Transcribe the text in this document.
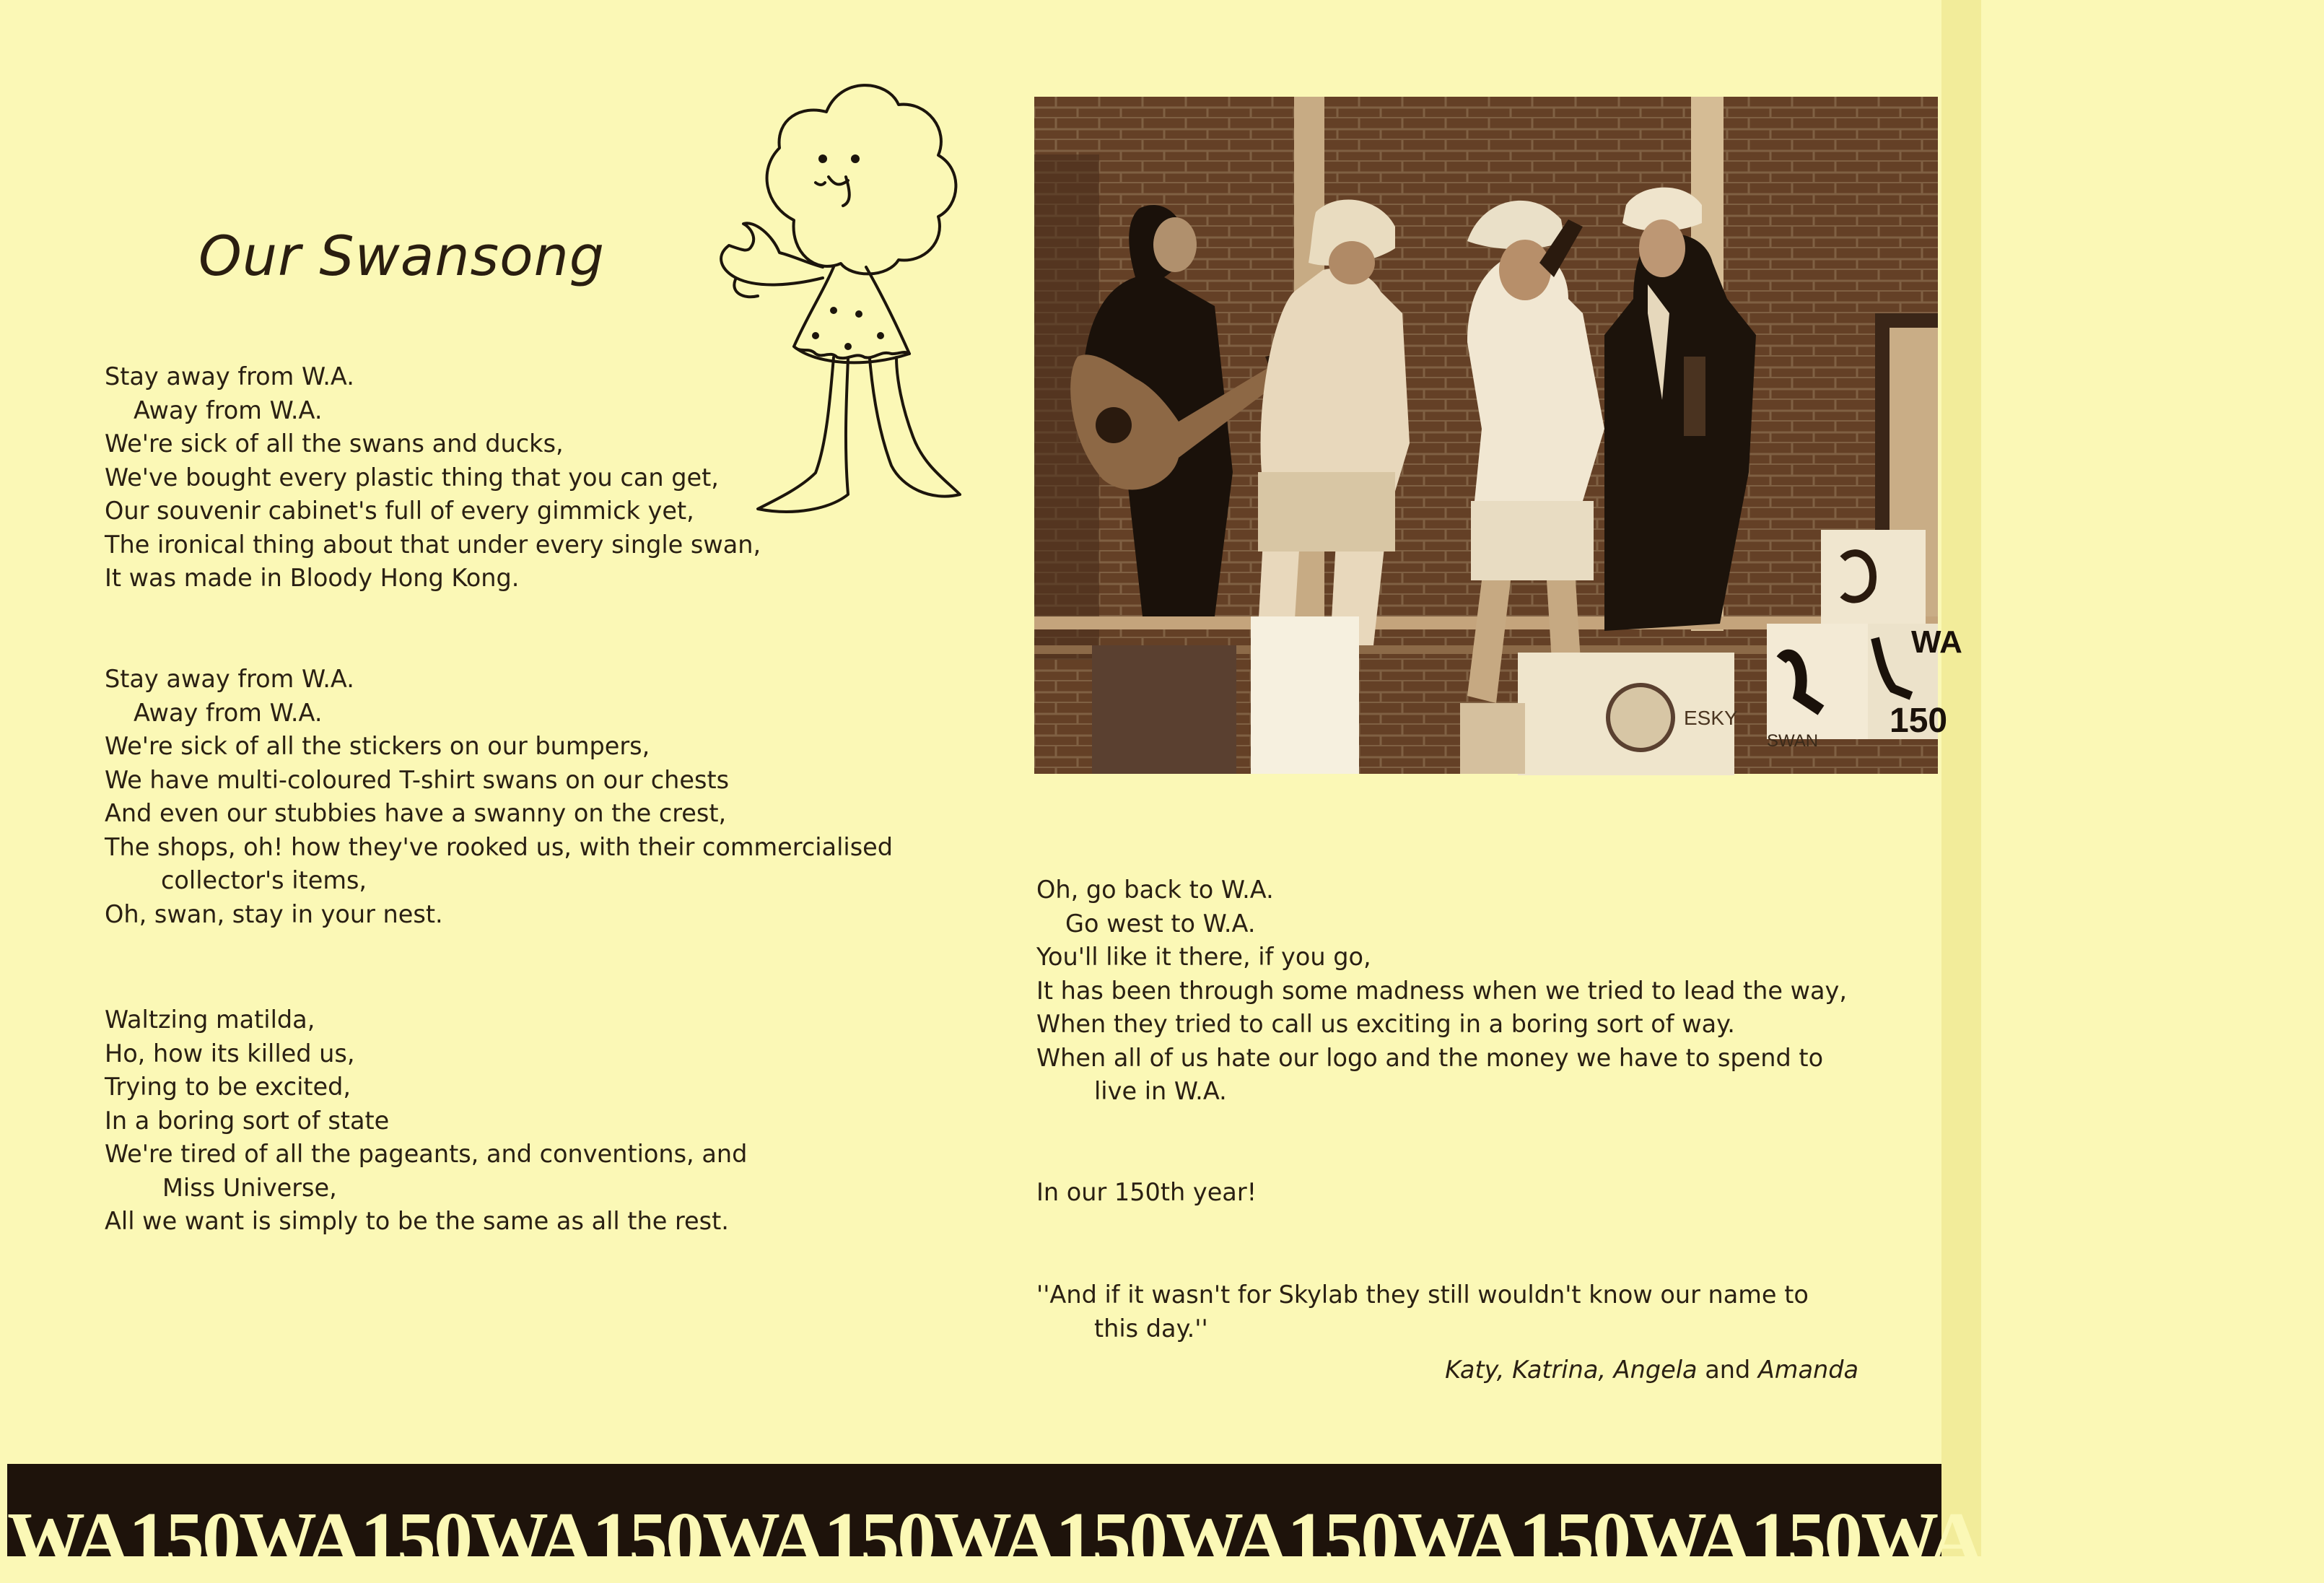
Our Swansong
Stay away from W.A.
Away from W.A.
We're sick of all the swans and ducks,
We've bought every plastic thing that you can get,
Our souvenir cabinet's full of every gimmick yet,
The ironical thing about that under every single swan,
It was made in Bloody Hong Kong.
Stay away from W.A.
Away from W.A.
We're sick of all the stickers on our bumpers,
We have multi-coloured T-shirt swans on our chests
And even our stubbies have a swanny on the crest,
The shops, oh! how they've rooked us, with their commercialised
collector's items,
Oh, swan, stay in your nest.
Waltzing matilda,
Ho, how its killed us,
Trying to be excited,
In a boring sort of state
We're tired of all the pageants, and conventions, and
Miss Universe,
All we want is simply to be the same as all the rest.
150
WA
SWAN
ESKY
Oh, go back to W.A.
Go west to W.A.
You'll like it there, if you go,
It has been through some madness when we tried to lead the way,
When they tried to call us exciting in a boring sort of way.
When all of us hate our logo and the money we have to spend to
live in W.A.
In our 150th year!
''And if it wasn't for Skylab they still wouldn't know our name to
this day.''
Katy, Katrina, Angela and Amanda
WA150WA150WA150WA150WA150WA150WA150WA150WA150WA150
